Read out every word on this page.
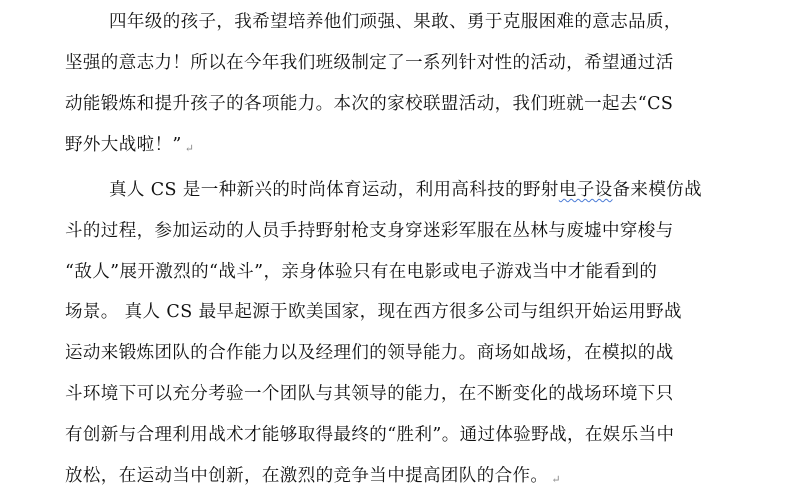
四年级的孩子，我希望培养他们顽强、果敢、勇于克服困难的意志品质，
坚强的意志力！所以在今年我们班级制定了一系列针对性的活动，希望通过活
动能锻炼和提升孩子的各项能力。本次的家校联盟活动，我们班就一起去“CS
野外大战啦！” ↵
真人 CS 是一种新兴的时尚体育运动，利用高科技的野射电子设备来模仿战
斗的过程，参加运动的人员手持野射枪支身穿迷彩军服在丛林与废墟中穿梭与
“敌人”展开激烈的“战斗”，亲身体验只有在电影或电子游戏当中才能看到的
场景。 真人 CS 最早起源于欧美国家，现在西方很多公司与组织开始运用野战
运动来锻炼团队的合作能力以及经理们的领导能力。商场如战场，在模拟的战
斗环境下可以充分考验一个团队与其领导的能力，在不断变化的战场环境下只
有创新与合理利用战术才能够取得最终的“胜利”。通过体验野战，在娱乐当中
放松，在运动当中创新，在激烈的竞争当中提高团队的合作。 ↵
